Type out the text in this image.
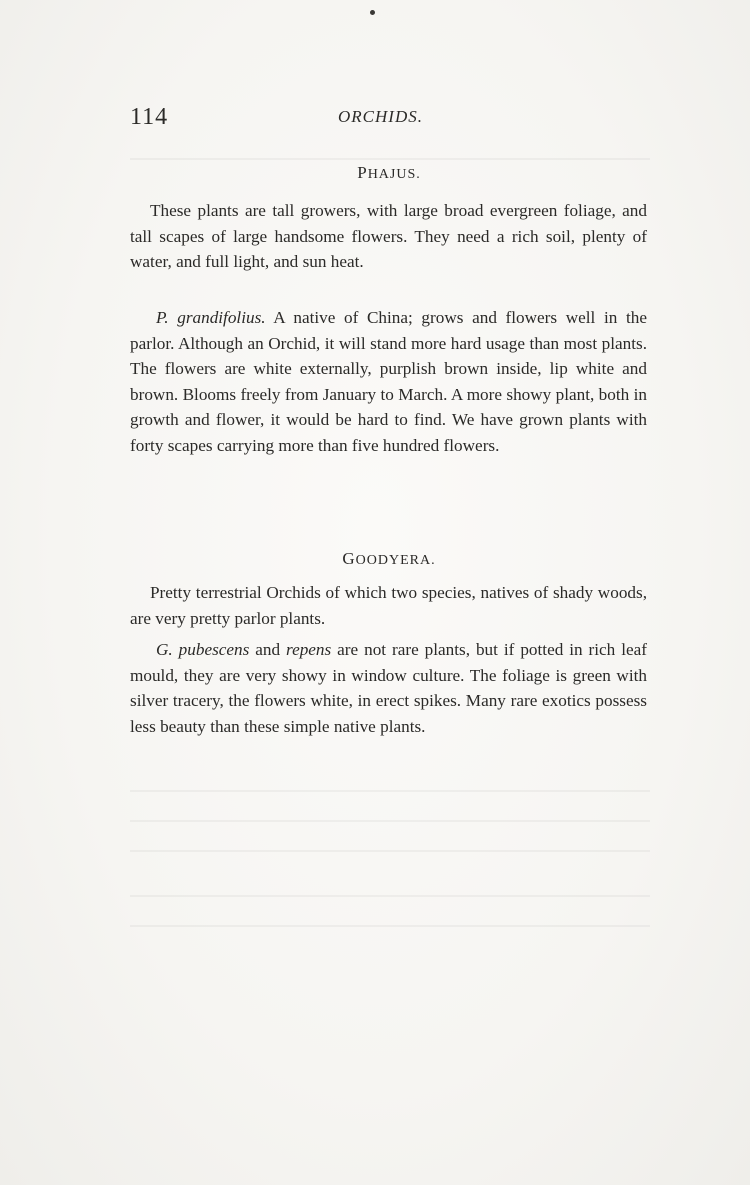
114	ORCHIDS.
PHAJUS.

These plants are tall growers, with large broad evergreen foliage, and tall scapes of large handsome flowers. They need a rich soil, plenty of water, and full light, and sun heat.

P. grandifolius. A native of China; grows and flowers well in the parlor. Although an Orchid, it will stand more hard usage than most plants. The flowers are white externally, purplish brown inside, lip white and brown. Blooms freely from January to March. A more showy plant, both in growth and flower, it would be hard to find. We have grown plants with forty scapes carrying more than five hundred flowers.

GOODYERA.

Pretty terrestrial Orchids of which two species, natives of shady woods, are very pretty parlor plants.

G. pubescens and repens are not rare plants, but if potted in rich leaf mould, they are very showy in window culture. The foliage is green with silver tracery, the flowers white, in erect spikes. Many rare exotics possess less beauty than these simple native plants.
